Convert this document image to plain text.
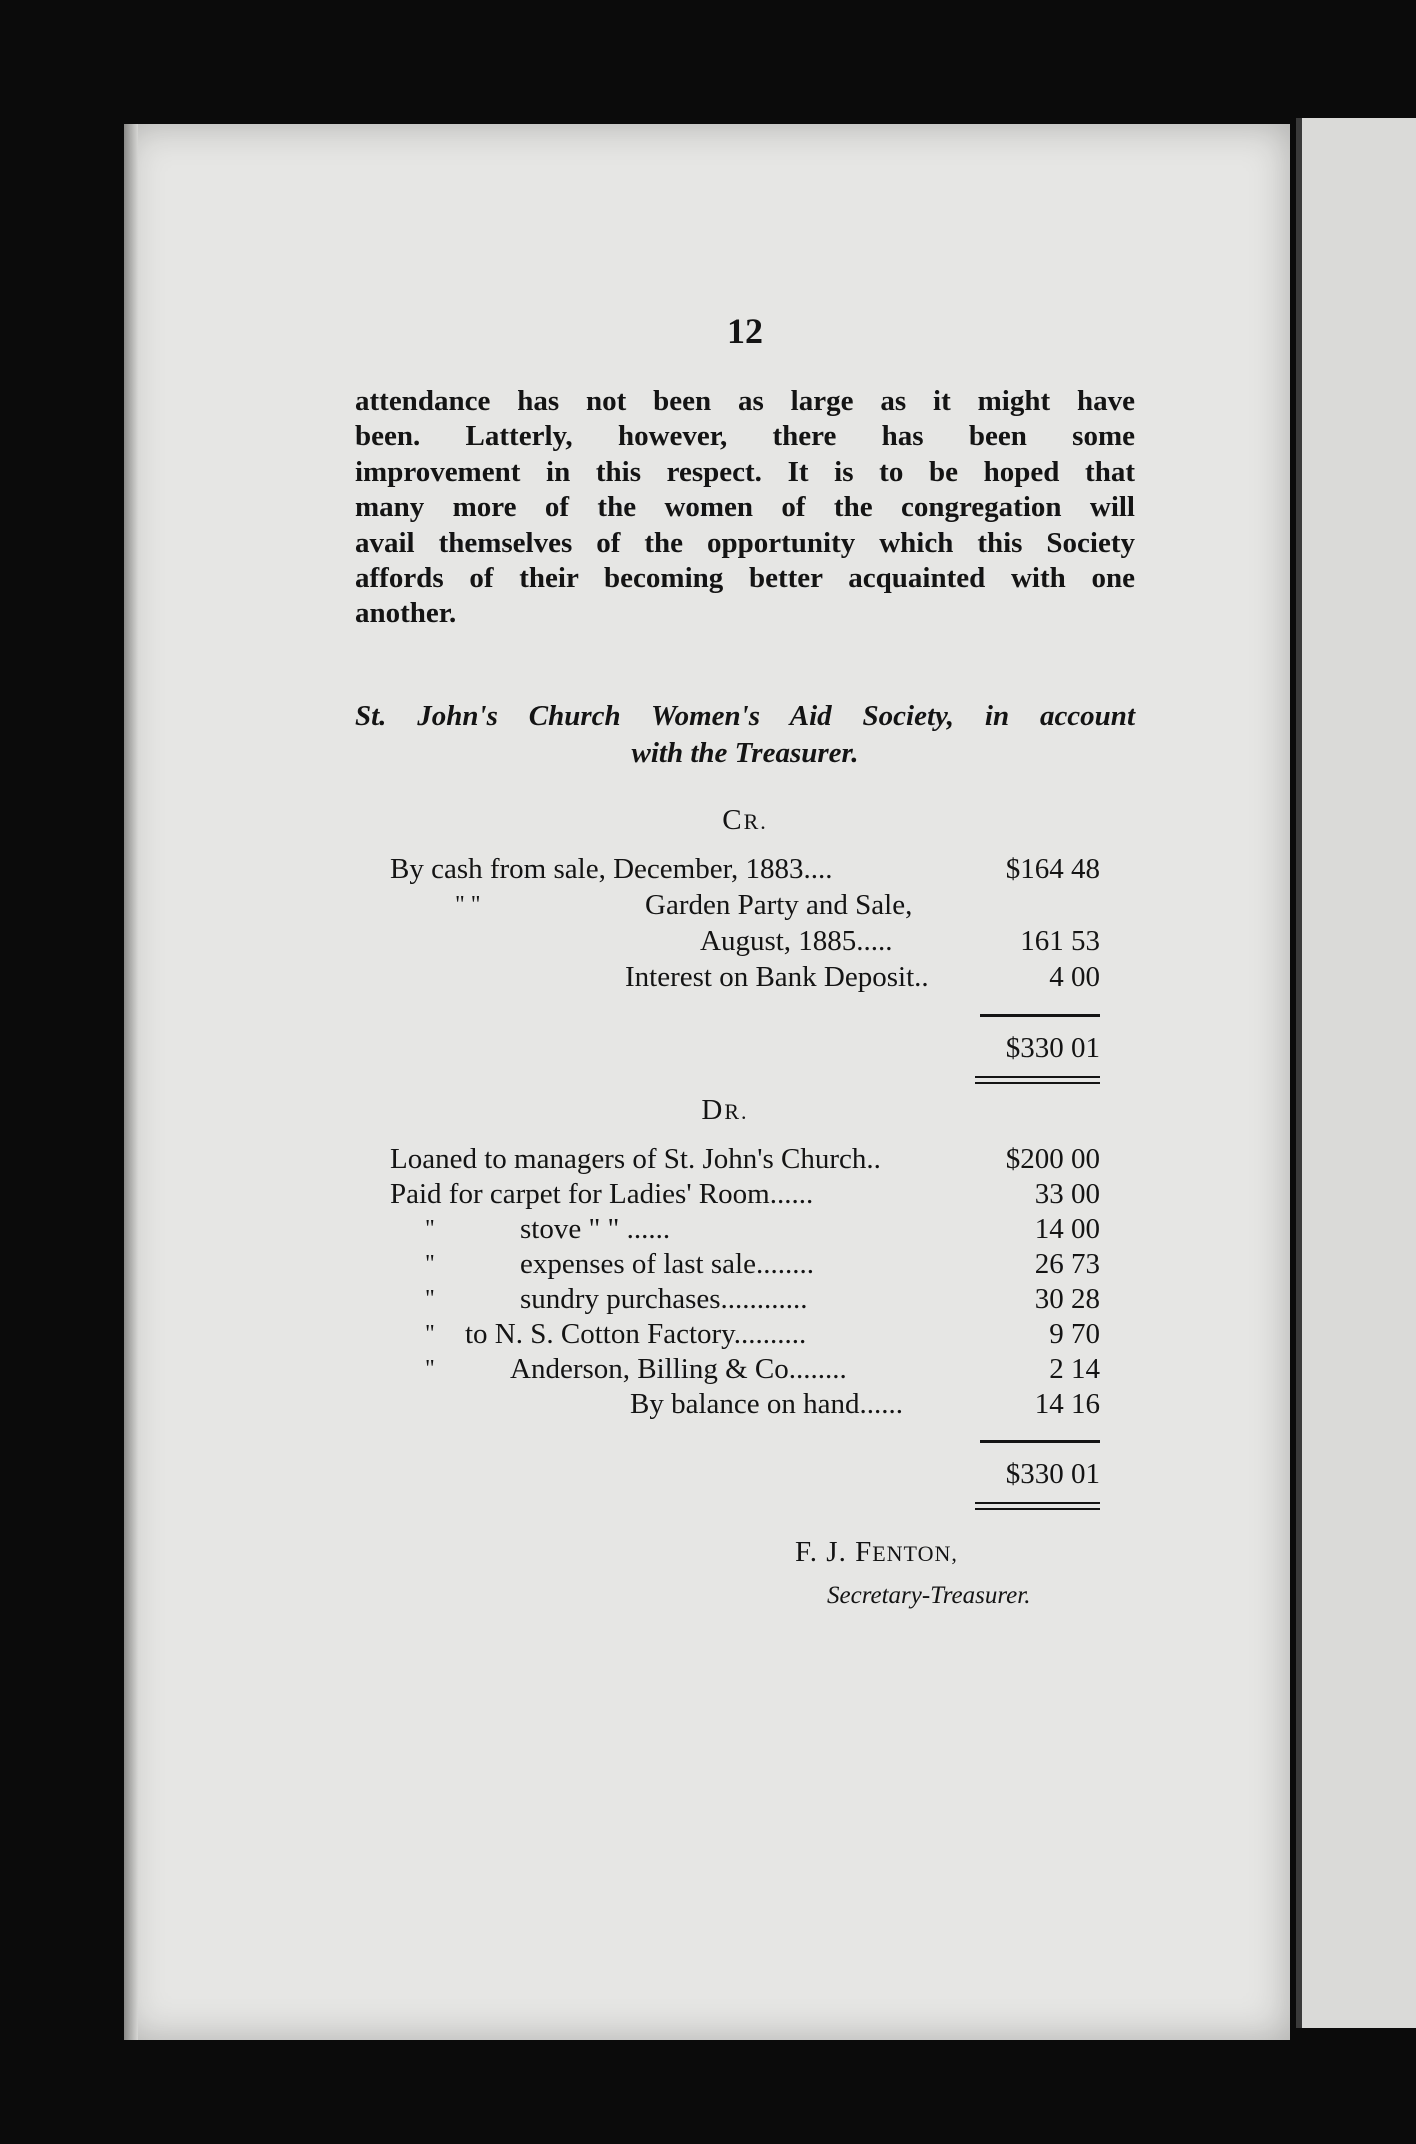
12
attendance has not been as large as it might have
been. Latterly, however, there has been some
improvement in this respect. It is to be hoped that
many more of the women of the congregation will
avail themselves of the opportunity which this Society
affords of their becoming better acquainted with one
another.
St. John's Church Women's Aid Society, in account
with the Treasurer.
CR.
By cash from sale, December, 1883....	$164 48
" "	Garden Party and Sale,
August, 1885.....	161 53
Interest on Bank Deposit..	4 00
$330 01
DR.
Loaned to managers of St. John's Church..	$200 00
Paid for carpet for Ladies' Room......	33 00
"	stove " " ......	14 00
"	expenses of last sale........	26 73
"	sundry purchases............	30 28
" to N. S. Cotton Factory..........	9 70
"	Anderson, Billing & Co........	2 14
By balance on hand......	14 16
$330 01
F. J. FENTON,
Secretary-Treasurer.
